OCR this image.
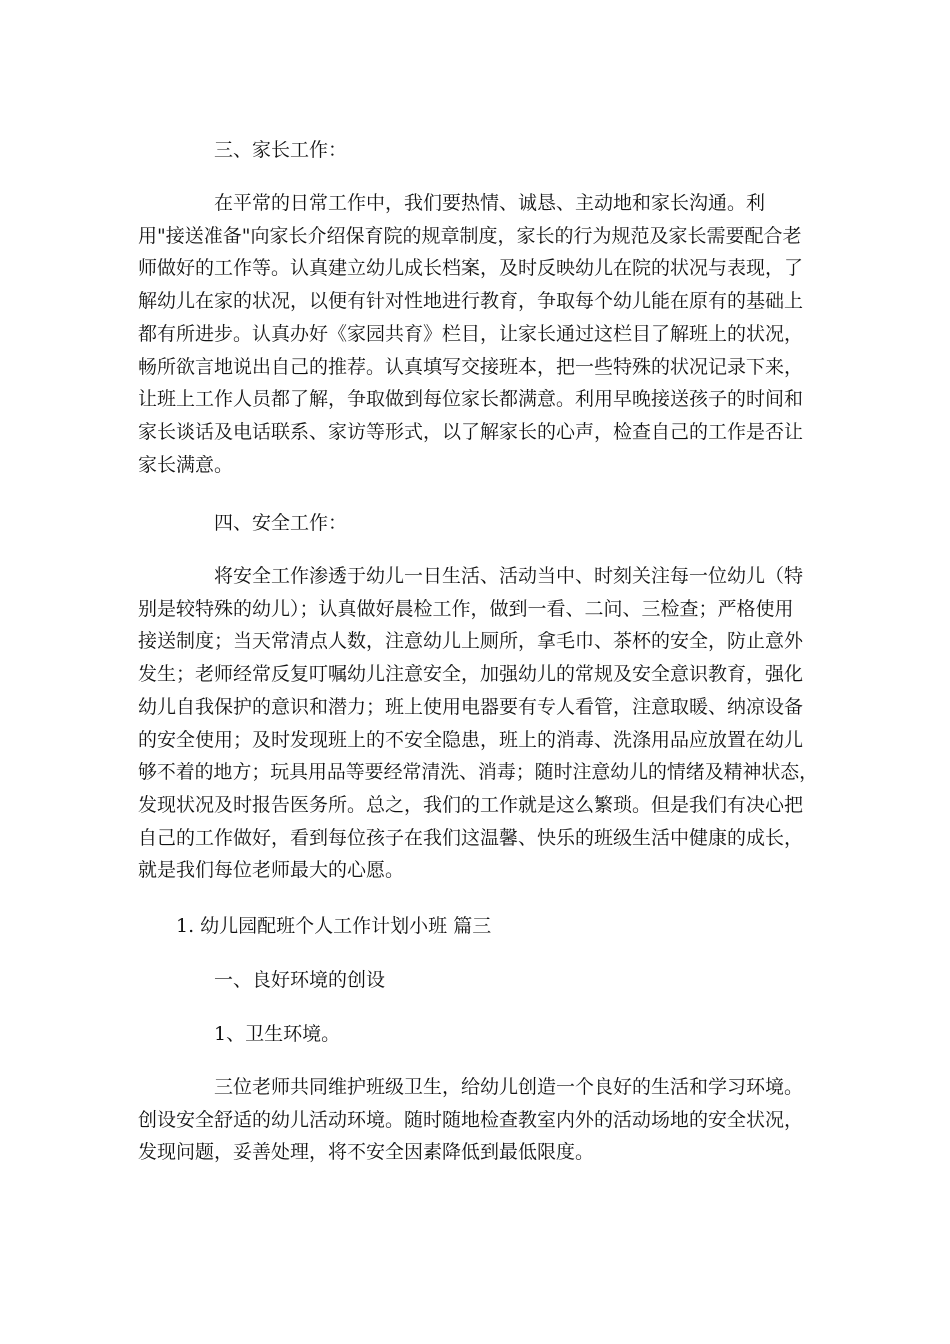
三、家长工作：

　　　　在平常的日常工作中，我们要热情、诚恳、主动地和家长沟通。利
用"接送准备"向家长介绍保育院的规章制度，家长的行为规范及家长需要配合老
师做好的工作等。认真建立幼儿成长档案，及时反映幼儿在院的状况与表现，了
解幼儿在家的状况，以便有针对性地进行教育，争取每个幼儿能在原有的基础上
都有所进步。认真办好《家园共育》栏目，让家长通过这栏目了解班上的状况，
畅所欲言地说出自己的推荐。认真填写交接班本，把一些特殊的状况记录下来，
让班上工作人员都了解，争取做到每位家长都满意。利用早晚接送孩子的时间和
家长谈话及电话联系、家访等形式，以了解家长的心声，检查自己的工作是否让
家长满意。

四、安全工作：

　　　　将安全工作渗透于幼儿一日生活、活动当中、时刻关注每一位幼儿（特
别是较特殊的幼儿）；认真做好晨检工作，做到一看、二问、三检查；严格使用
接送制度；当天常清点人数，注意幼儿上厕所，拿毛巾、茶杯的安全，防止意外
发生；老师经常反复叮嘱幼儿注意安全，加强幼儿的常规及安全意识教育，强化
幼儿自我保护的意识和潜力；班上使用电器要有专人看管，注意取暖、纳凉设备
的安全使用；及时发现班上的不安全隐患，班上的消毒、洗涤用品应放置在幼儿
够不着的地方；玩具用品等要经常清洗、消毒；随时注意幼儿的情绪及精神状态，
发现状况及时报告医务所。总之，我们的工作就是这么繁琐。但是我们有决心把
自己的工作做好，看到每位孩子在我们这温馨、快乐的班级生活中健康的成长，
就是我们每位老师最大的心愿。

1. 幼儿园配班个人工作计划小班 篇三

一、良好环境的创设

1、卫生环境。

　　　　三位老师共同维护班级卫生，给幼儿创造一个良好的生活和学习环境。
创设安全舒适的幼儿活动环境。随时随地检查教室内外的活动场地的安全状况，
发现问题，妥善处理，将不安全因素降低到最低限度。
